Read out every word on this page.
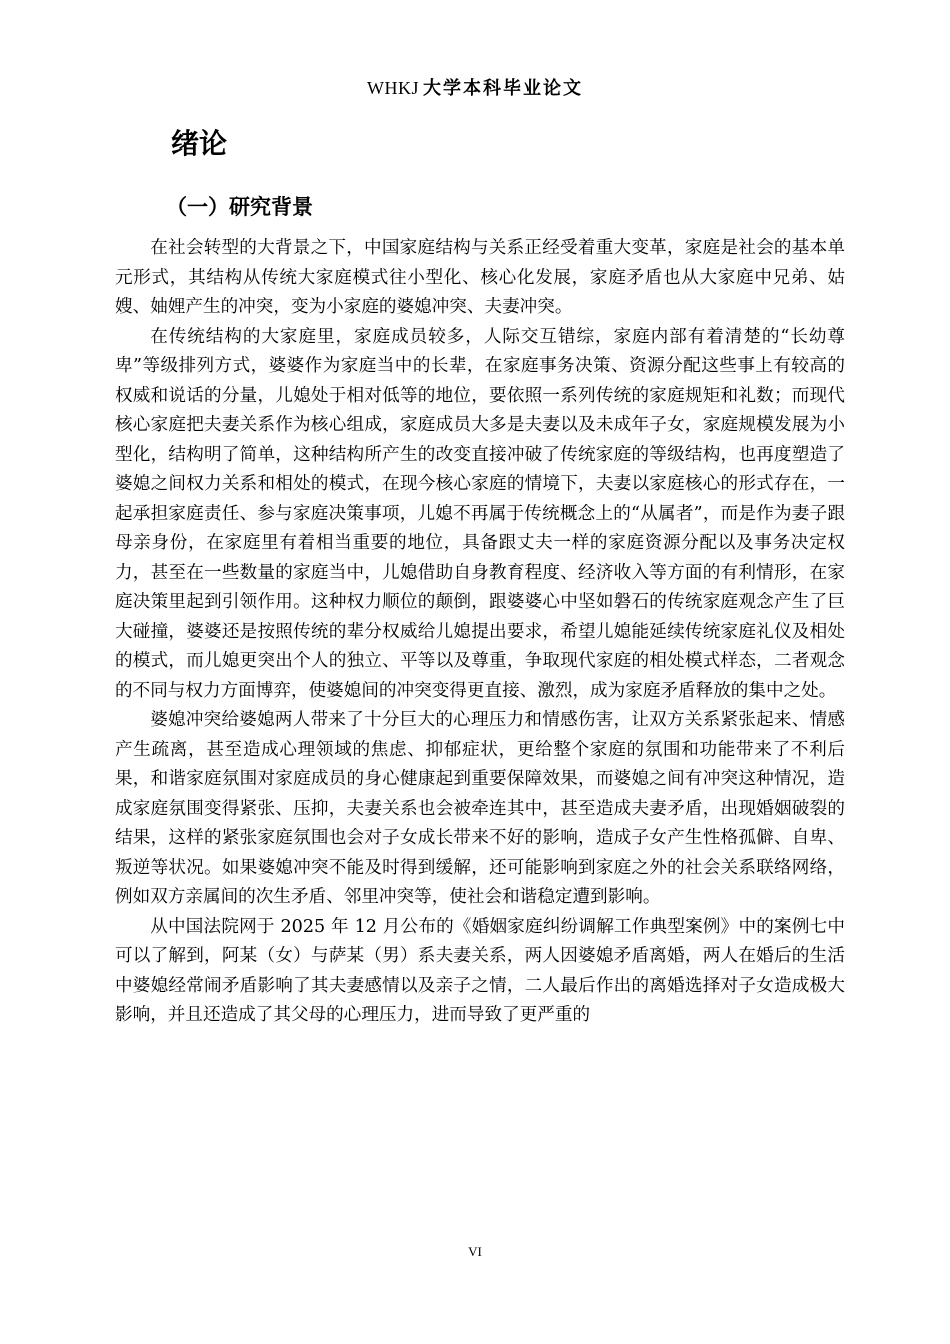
WHKJ 大学本科毕业论文
绪论
（一）研究背景

在社会转型的大背景之下，中国家庭结构与关系正经受着重大变革，家庭是社会的基本单元形式，其结构从传统大家庭模式往小型化、核心化发展，家庭矛盾也从大家庭中兄弟、姑嫂、妯娌产生的冲突，变为小家庭的婆媳冲突、夫妻冲突。

在传统结构的大家庭里，家庭成员较多，人际交互错综，家庭内部有着清楚的“长幼尊卑”等级排列方式，婆婆作为家庭当中的长辈，在家庭事务决策、资源分配这些事上有较高的权威和说话的分量，儿媳处于相对低等的地位，要依照一系列传统的家庭规矩和礼数；而现代核心家庭把夫妻关系作为核心组成，家庭成员大多是夫妻以及未成年子女，家庭规模发展为小型化，结构明了简单，这种结构所产生的改变直接冲破了传统家庭的等级结构，也再度塑造了婆媳之间权力关系和相处的模式，在现今核心家庭的情境下，夫妻以家庭核心的形式存在，一起承担家庭责任、参与家庭决策事项，儿媳不再属于传统概念上的“从属者”，而是作为妻子跟母亲身份，在家庭里有着相当重要的地位，具备跟丈夫一样的家庭资源分配以及事务决定权力，甚至在一些数量的家庭当中，儿媳借助自身教育程度、经济收入等方面的有利情形，在家庭决策里起到引领作用。这种权力顺位的颠倒，跟婆婆心中坚如磐石的传统家庭观念产生了巨大碰撞，婆婆还是按照传统的辈分权威给儿媳提出要求，希望儿媳能延续传统家庭礼仪及相处的模式，而儿媳更突出个人的独立、平等以及尊重，争取现代家庭的相处模式样态，二者观念的不同与权力方面博弈，使婆媳间的冲突变得更直接、激烈，成为家庭矛盾释放的集中之处。

婆媳冲突给婆媳两人带来了十分巨大的心理压力和情感伤害，让双方关系紧张起来、情感产生疏离，甚至造成心理领域的焦虑、抑郁症状，更给整个家庭的氛围和功能带来了不利后果，和谐家庭氛围对家庭成员的身心健康起到重要保障效果，而婆媳之间有冲突这种情况，造成家庭氛围变得紧张、压抑，夫妻关系也会被牵连其中，甚至造成夫妻矛盾，出现婚姻破裂的结果，这样的紧张家庭氛围也会对子女成长带来不好的影响，造成子女产生性格孤僻、自卑、叛逆等状况。如果婆媳冲突不能及时得到缓解，还可能影响到家庭之外的社会关系联络网络，例如双方亲属间的次生矛盾、邻里冲突等，使社会和谐稳定遭到影响。

从中国法院网于 2025 年 12 月公布的《婚姻家庭纠纷调解工作典型案例》中的案例七中可以了解到，阿某（女）与萨某（男）系夫妻关系，两人因婆媳矛盾离婚，两人在婚后的生活中婆媳经常闹矛盾影响了其夫妻感情以及亲子之情，二人最后作出的离婚选择对子女造成极大影响，并且还造成了其父母的心理压力，进而导致了更严重的

VI
